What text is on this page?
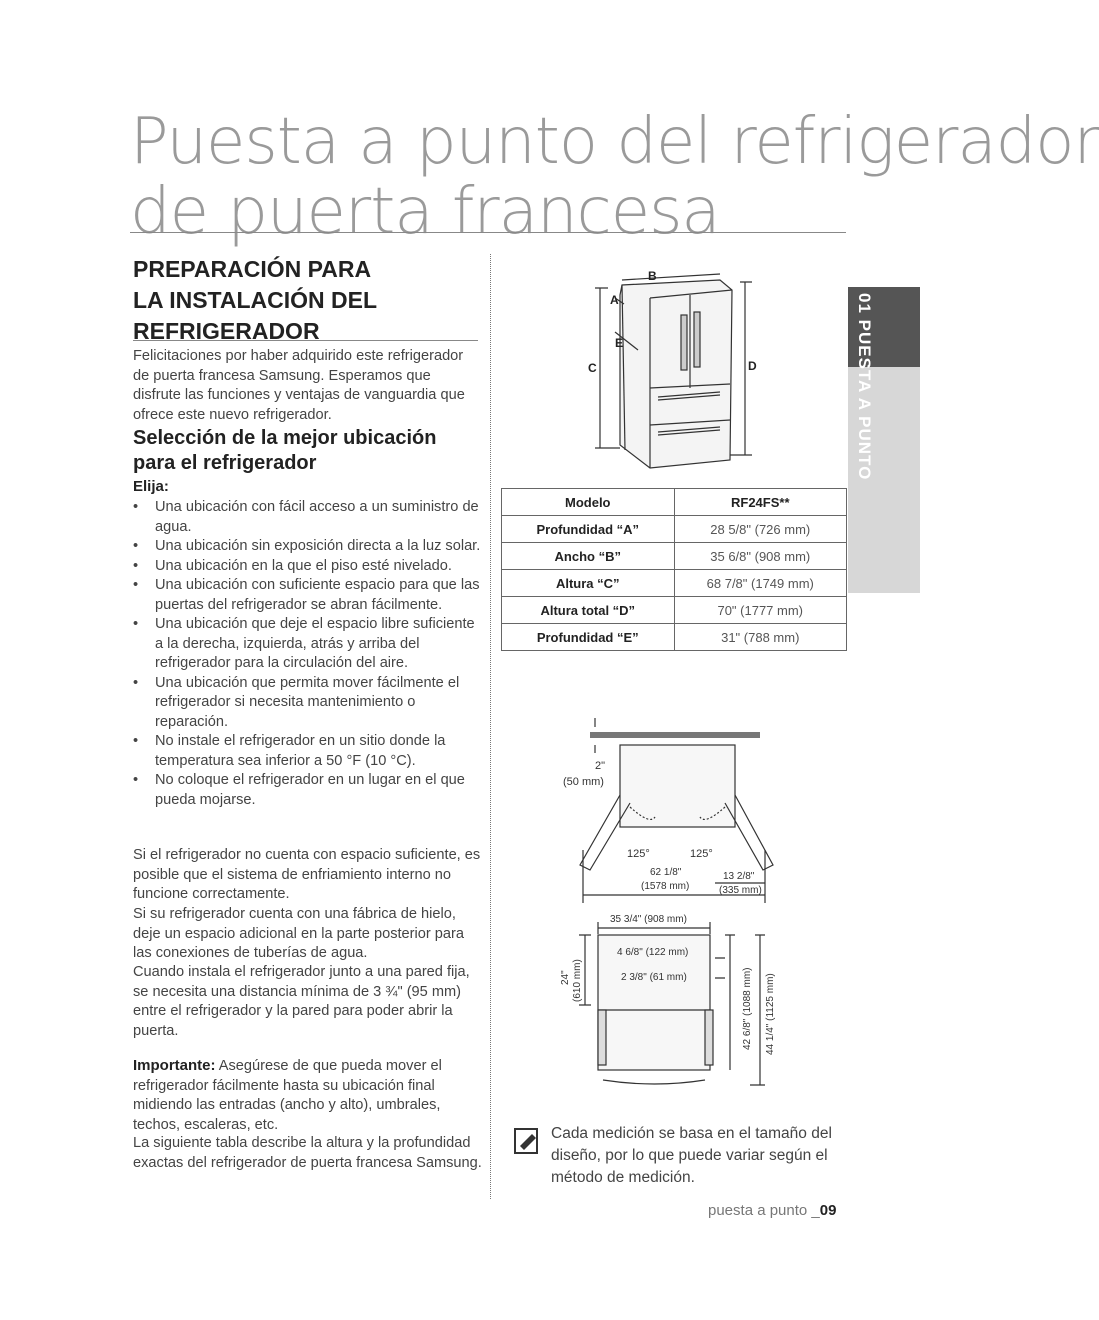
Puesta a punto del refrigerador
de puerta francesa
PREPARACIÓN PARA
LA INSTALACIÓN DEL
REFRIGERADOR
Felicitaciones por haber adquirido este refrigerador de puerta francesa Samsung. Esperamos que disfrute las funciones y ventajas de vanguardia que ofrece este nuevo refrigerador.
Selección de la mejor ubicación para el refrigerador
Elija:
• Una ubicación con fácil acceso a un suministro de agua.
• Una ubicación sin exposición directa a la luz solar.
• Una ubicación en la que el piso esté nivelado.
• Una ubicación con suficiente espacio para que las puertas del refrigerador se abran fácilmente.
• Una ubicación que deje el espacio libre suficiente a la derecha, izquierda, atrás y arriba del refrigerador para la circulación del aire.
• Una ubicación que permita mover fácilmente el refrigerador si necesita mantenimiento o reparación.
• No instale el refrigerador en un sitio donde la temperatura sea inferior a 50 °F (10 °C).
• No coloque el refrigerador en un lugar en el que pueda mojarse.
Si el refrigerador no cuenta con espacio suficiente, es posible que el sistema de enfriamiento interno no funcione correctamente.
Si su refrigerador cuenta con una fábrica de hielo, deje un espacio adicional en la parte posterior para las conexiones de tuberías de agua.
Cuando instala el refrigerador junto a una pared fija, se necesita una distancia mínima de 3 ¾" (95 mm) entre el refrigerador y la pared para poder abrir la puerta.
Importante: Asegúrese de que pueda mover el refrigerador fácilmente hasta su ubicación final midiendo las entradas (ancho y alto), umbrales, techos, escaleras, etc.
La siguiente tabla describe la altura y la profundidad exactas del refrigerador de puerta francesa Samsung.
A
B
C	D
E
Modelo	RF24FS**
Profundidad “A”	28 5/8" (726 mm)
Ancho “B”	35 6/8" (908 mm)
Altura “C”	68 7/8" (1749 mm)
Altura total “D”	70" (1777 mm)
Profundidad “E”	31" (788 mm)
2"
(50 mm)
125°	125°
62 1/8"
(1578 mm)
13 2/8"
(335 mm)
35 3/4" (908 mm)
4 6/8" (122 mm)
2 3/8" (61 mm)
24" (610 mm)	42 6/8" (1088 mm) 44 1/4" (1125 mm)
01 PUESTA A PUNTO
Cada medición se basa en el tamaño del diseño, por lo que puede variar según el método de medición.
puesta a punto _09
